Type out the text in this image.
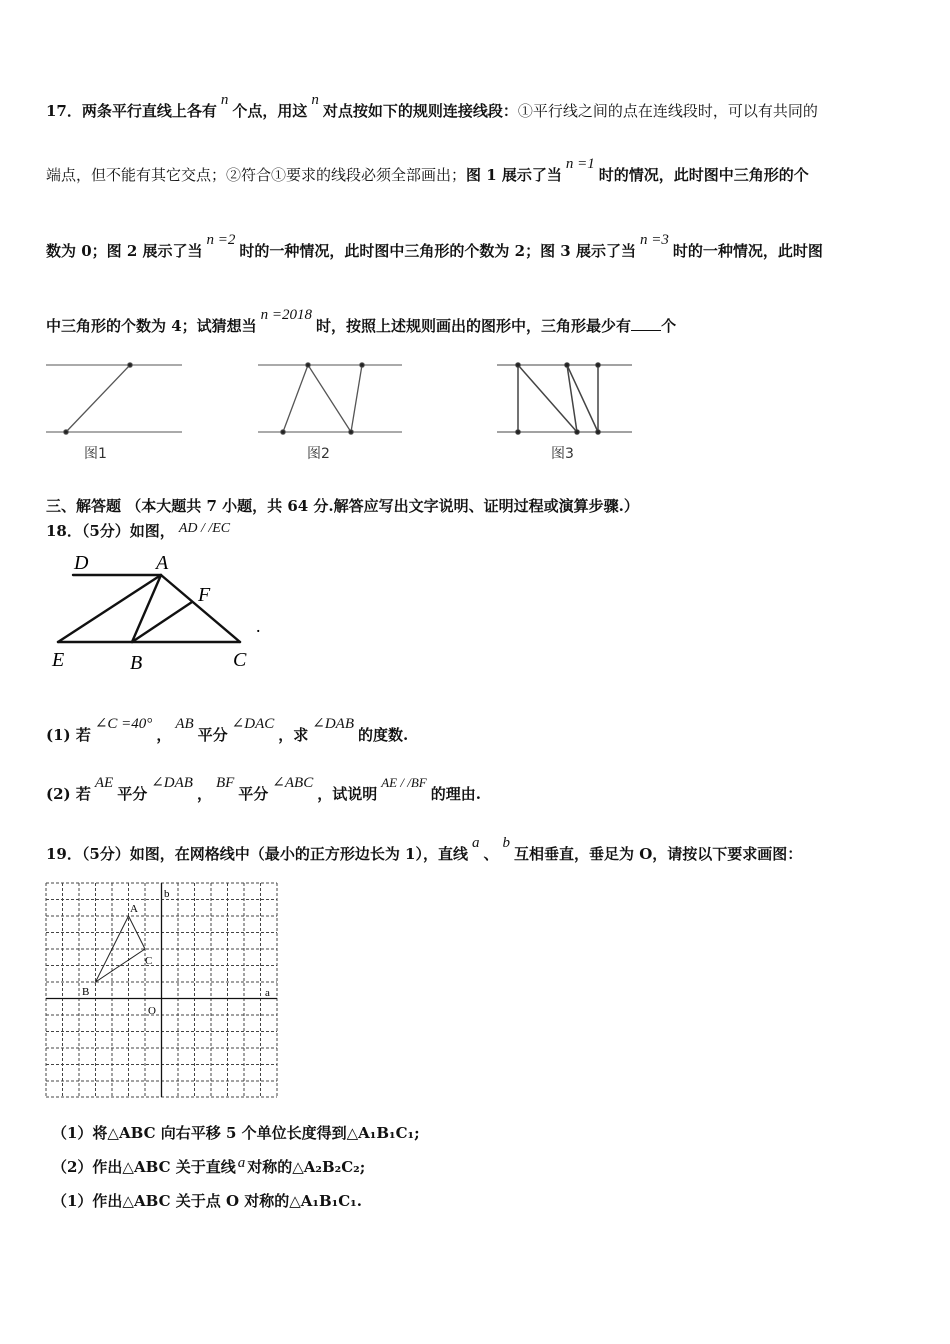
17．两条平行直线上各有n个点，用这n对点按如下的规则连接线段：①平行线之间的点在连线段时，可以有共同的
端点，但不能有其它交点；②符合①要求的线段必须全部画出；图 1 展示了当n =1时的情况，此时图中三角形的个
数为 0；图 2 展示了当n =2时的一种情况，此时图中三角形的个数为 2；图 3 展示了当n =3时的一种情况，此时图
中三角形的个数为 4；试猜想当n =2018时，按照上述规则画出的图形中，三角形最少有 个
图1	图2	图3
三、解答题 （本大题共 7 小题，共 64 分.解答应写出文字说明、证明过程或演算步骤.）
18．（5分）如图， AD / /EC
D	A
F
E	B	C
.
(1) 若∠C =40°，AB平分∠DAC，求∠DAB的度数.
(2) 若AE平分∠DAB，BF平分∠ABC，试说明AE / /BF的理由.
19．（5分）如图，在网格线中（最小的正方形边长为 1），直线a、b互相垂直，垂足为 O，请按以下要求画图：
A
C
B
O
b
a
（1）将△ABC 向右平移 5 个单位长度得到△A₁B₁C₁;
（2）作出△ABC 关于直线 a 对称的△A₂B₂C₂;
（1）作出△ABC 关于点 O 对称的△A₁B₁C₁.
